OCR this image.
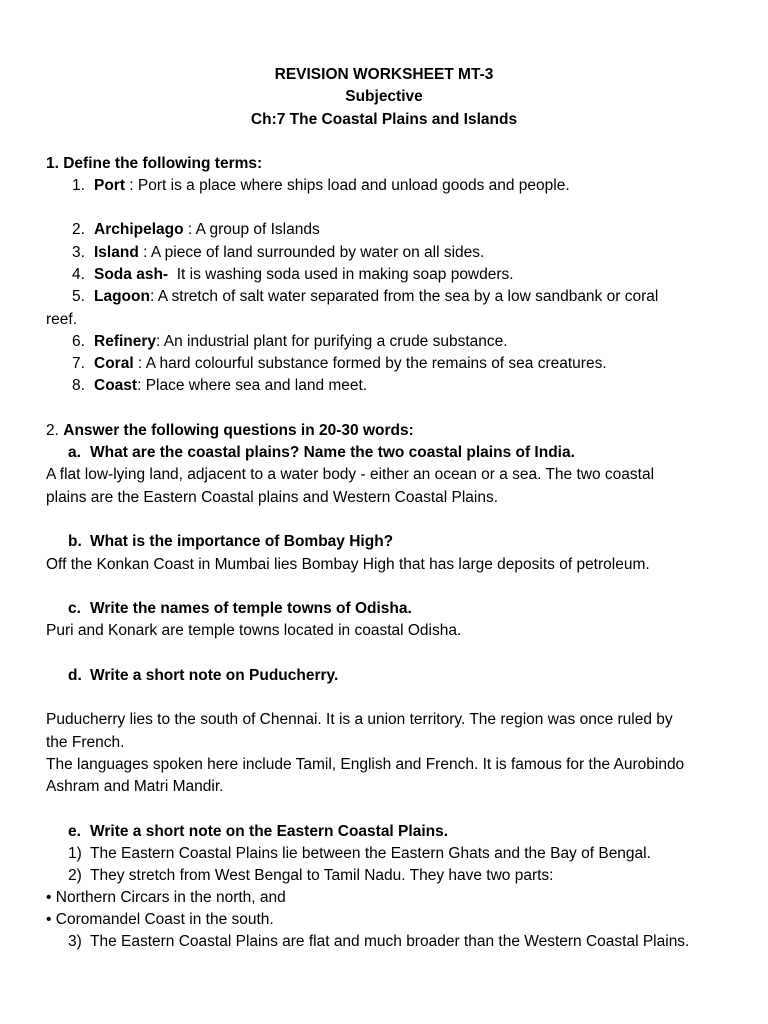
REVISION WORKSHEET MT-3
Subjective
Ch:7 The Coastal Plains and Islands
1. Define the following terms:
1. Port : Port is a place where ships load and unload goods and people.
2. Archipelago : A group of Islands
3. Island : A piece of land surrounded by water on all sides.
4. Soda ash- It is washing soda used in making soap powders.
5. Lagoon: A stretch of salt water separated from the sea by a low sandbank or coral
reef.
6. Refinery: An industrial plant for purifying a crude substance.
7. Coral : A hard colourful substance formed by the remains of sea creatures.
8. Coast: Place where sea and land meet.
2. Answer the following questions in 20-30 words:
a. What are the coastal plains? Name the two coastal plains of India.
A flat low-lying land, adjacent to a water body - either an ocean or a sea. The two coastal
plains are the Eastern Coastal plains and Western Coastal Plains.
b. What is the importance of Bombay High?
Off the Konkan Coast in Mumbai lies Bombay High that has large deposits of petroleum.
c. Write the names of temple towns of Odisha.
Puri and Konark are temple towns located in coastal Odisha.
d. Write a short note on Puducherry.
Puducherry lies to the south of Chennai. It is a union territory. The region was once ruled by
the French.
The languages spoken here include Tamil, English and French. It is famous for the Aurobindo
Ashram and Matri Mandir.
e. Write a short note on the Eastern Coastal Plains.
1) The Eastern Coastal Plains lie between the Eastern Ghats and the Bay of Bengal.
2) They stretch from West Bengal to Tamil Nadu. They have two parts:
• Northern Circars in the north, and
• Coromandel Coast in the south.
3) The Eastern Coastal Plains are flat and much broader than the Western Coastal Plains.
